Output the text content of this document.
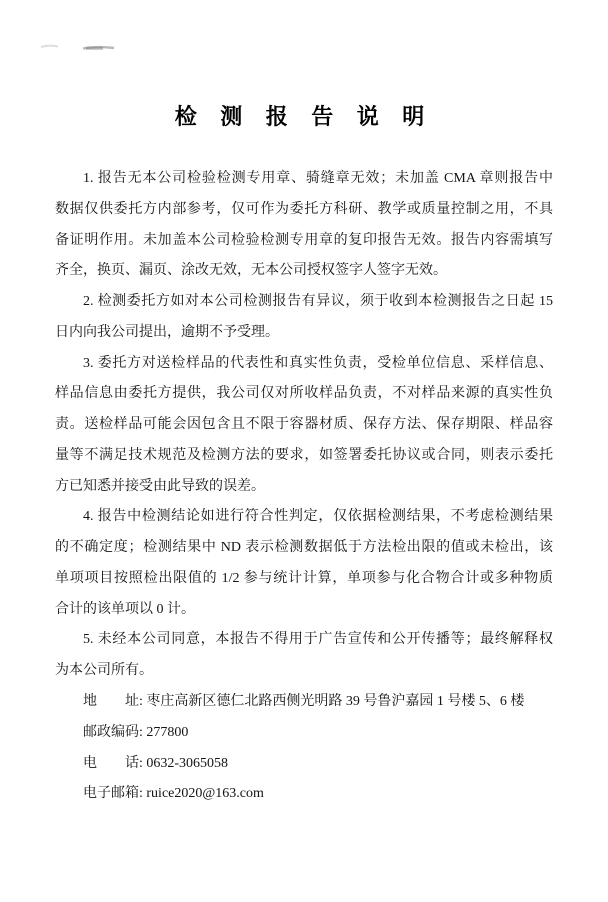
检 测 报 告 说 明

1. 报告无本公司检验检测专用章、骑缝章无效；未加盖 CMA 章则报告中
数据仅供委托方内部参考，仅可作为委托方科研、教学或质量控制之用，不具
备证明作用。未加盖本公司检验检测专用章的复印报告无效。报告内容需填写
齐全，换页、漏页、涂改无效，无本公司授权签字人签字无效。

2. 检测委托方如对本公司检测报告有异议，须于收到本检测报告之日起 15
日内向我公司提出，逾期不予受理。

3. 委托方对送检样品的代表性和真实性负责，受检单位信息、采样信息、
样品信息由委托方提供，我公司仅对所收样品负责，不对样品来源的真实性负
责。送检样品可能会因包含且不限于容器材质、保存方法、保存期限、样品容
量等不满足技术规范及检测方法的要求，如签署委托协议或合同，则表示委托
方已知悉并接受由此导致的误差。

4. 报告中检测结论如进行符合性判定，仅依据检测结果，不考虑检测结果
的不确定度；检测结果中 ND 表示检测数据低于方法检出限的值或未检出，该
单项项目按照检出限值的 1/2 参与统计计算，单项参与化合物合计或多种物质
合计的该单项以 0 计。

5. 未经本公司同意，本报告不得用于广告宣传和公开传播等；最终解释权
为本公司所有。

地　　址: 枣庄高新区德仁北路西侧光明路 39 号鲁沪嘉园 1 号楼 5、6 楼
邮政编码: 277800
电　　话: 0632-3065058
电子邮箱: ruice2020@163.com
